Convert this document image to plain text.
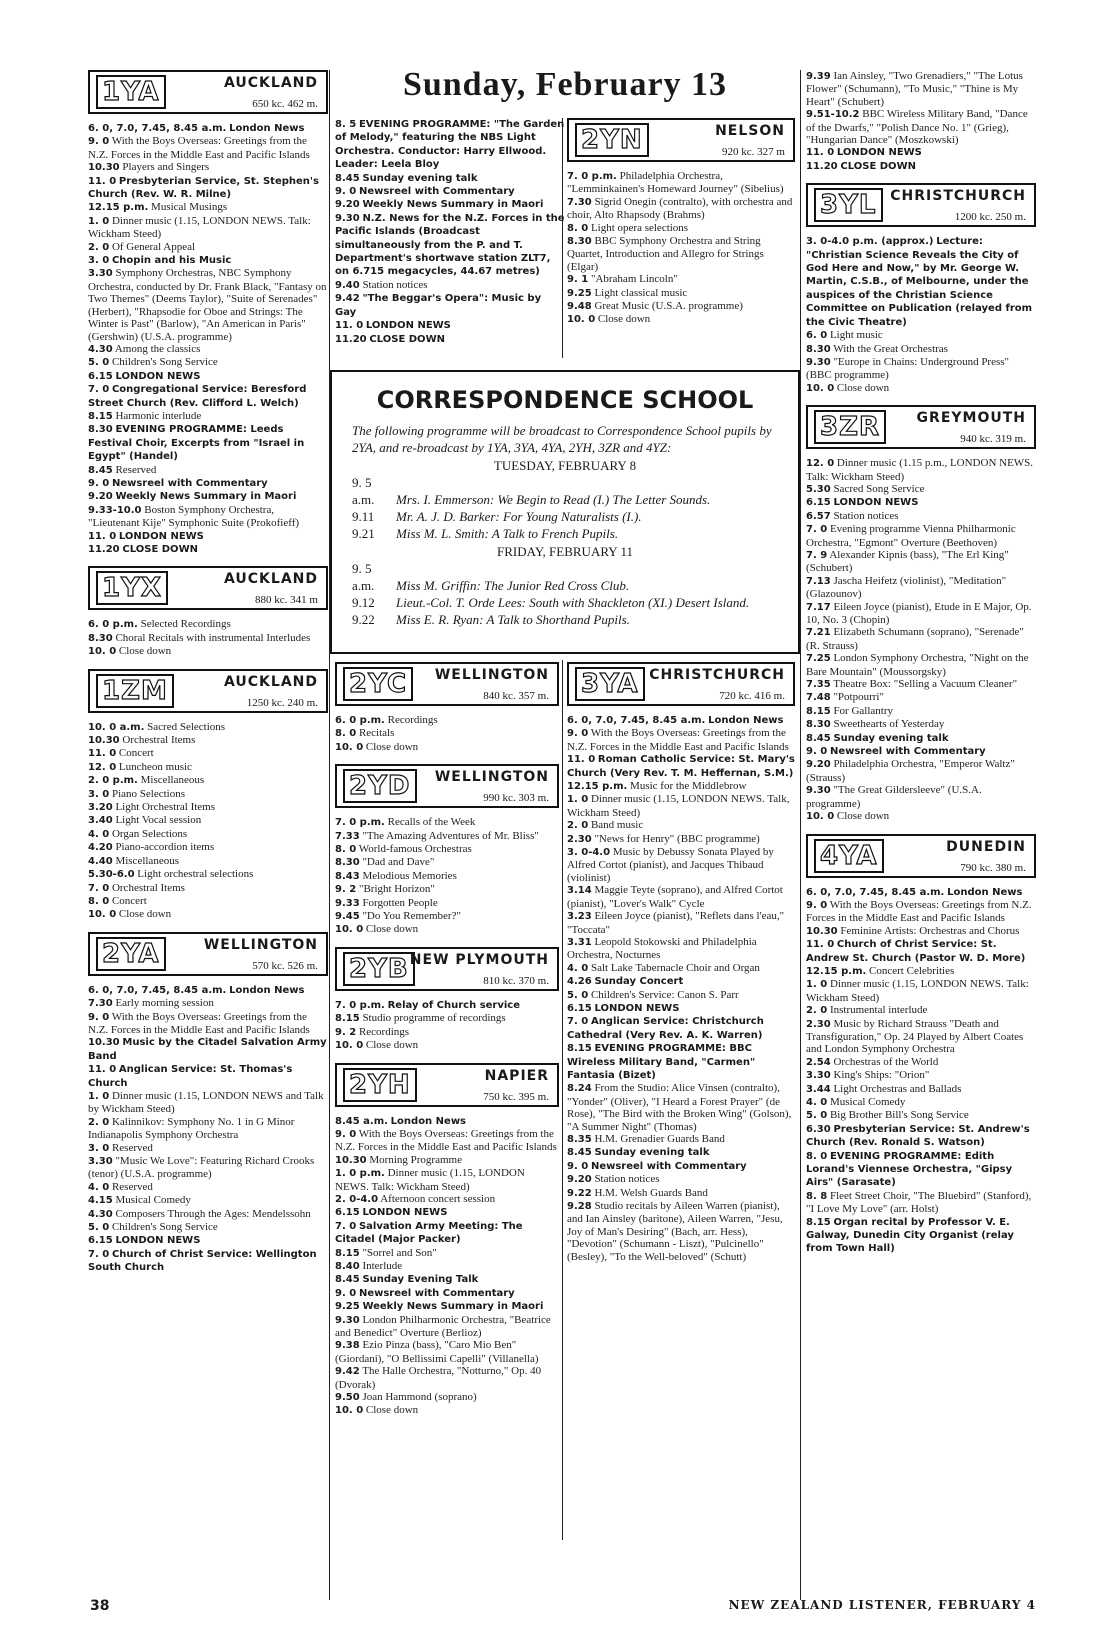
Sunday, February 13
1YA	AUCKLAND
650 kc. 462 m.

6. 0, 7.0, 7.45, 8.45 a.m. London News

9. 0 With the Boys Overseas: Greetings from the N.Z. Forces in the Middle East and Pacific Islands

10.30 Players and Singers

11. 0 Presbyterian Service, St. Stephen's Church (Rev. W. R. Milne)

12.15 p.m. Musical Musings

1. 0 Dinner music (1.15, LONDON NEWS. Talk: Wickham Steed)

2. 0 Of General Appeal

3. 0 Chopin and his Music

3.30 Symphony Orchestras, NBC Symphony Orchestra, conducted by Dr. Frank Black, "Fantasy on Two Themes" (Deems Taylor), "Suite of Serenades" (Herbert), "Rhapsodie for Oboe and Strings: The Winter is Past" (Barlow), "An American in Paris" (Gershwin) (U.S.A. programme)

4.30 Among the classics

5. 0 Children's Song Service

6.15 LONDON NEWS

7. 0 Congregational Service: Beresford Street Church (Rev. Clifford L. Welch)

8.15 Harmonic interlude

8.30 EVENING PROGRAMME: Leeds Festival Choir, Excerpts from "Israel in Egypt" (Handel)

8.45 Reserved

9. 0 Newsreel with Commentary

9.20 Weekly News Summary in Maori

9.33-10.0 Boston Symphony Orchestra, "Lieutenant Kije" Symphonic Suite (Prokofieff)

11. 0 LONDON NEWS

11.20 CLOSE DOWN

1YX	AUCKLAND
880 kc. 341 m

6. 0 p.m. Selected Recordings

8.30 Choral Recitals with instrumental Interludes

10. 0 Close down

1ZM	AUCKLAND
1250 kc. 240 m.

10. 0 a.m. Sacred Selections

10.30 Orchestral Items

11. 0 Concert

12. 0 Luncheon music

2. 0 p.m. Miscellaneous

3. 0 Piano Selections

3.20 Light Orchestral Items

3.40 Light Vocal session

4. 0 Organ Selections

4.20 Piano-accordion items

4.40 Miscellaneous

5.30-6.0 Light orchestral selections

7. 0 Orchestral Items

8. 0 Concert

10. 0 Close down

2YA	WELLINGTON
570 kc. 526 m.

6. 0, 7.0, 7.45, 8.45 a.m. London News

7.30 Early morning session

9. 0 With the Boys Overseas: Greetings from the N.Z. Forces in the Middle East and Pacific Islands

10.30 Music by the Citadel Salvation Army Band

11. 0 Anglican Service: St. Thomas's Church

1. 0 Dinner music (1.15, LONDON NEWS and Talk by Wickham Steed)

2. 0 Kalinnikov: Symphony No. 1 in G Minor Indianapolis Symphony Orchestra

3. 0 Reserved

3.30 "Music We Love": Featuring Richard Crooks (tenor) (U.S.A. programme)

4. 0 Reserved

4.15 Musical Comedy

4.30 Composers Through the Ages: Mendelssohn

5. 0 Children's Song Service

6.15 LONDON NEWS

7. 0 Church of Christ Service: Wellington South Church

8. 5 EVENING PROGRAMME: "The Garden of Melody," featuring the NBS Light Orchestra. Conductor: Harry Ellwood. Leader: Leela Bloy

8.45 Sunday evening talk

9. 0 Newsreel with Commentary

9.20 Weekly News Summary in Maori

9.30 N.Z. News for the N.Z. Forces in the Pacific Islands (Broadcast simultaneously from the P. and T. Department's shortwave station ZLT7, on 6.715 megacycles, 44.67 metres)

9.40 Station notices

9.42 "The Beggar's Opera": Music by Gay

11. 0 LONDON NEWS

11.20 CLOSE DOWN

2YN	NELSON
920 kc. 327 m

7. 0 p.m. Philadelphia Orchestra, "Lemminkainen's Homeward Journey" (Sibelius)

7.30 Sigrid Onegin (contralto), with orchestra and choir, Alto Rhapsody (Brahms)

8. 0 Light opera selections

8.30 BBC Symphony Orchestra and String Quartet, Introduction and Allegro for Strings (Elgar)

9. 1 "Abraham Lincoln"

9.25 Light classical music

9.48 Great Music (U.S.A. programme)

10. 0 Close down

CORRESPONDENCE SCHOOL
The following programme will be broadcast to Correspondence School pupils by 2YA, and re-broadcast by 1YA, 3YA, 4YA, 2YH, 3ZR and 4YZ:
TUESDAY, FEBRUARY 8
9. 5 a.m. Mrs. I. Emmerson: We Begin to Read (I.) The Letter Sounds.
9.11 Mr. A. J. D. Barker: For Young Naturalists (I.).
9.21 Miss M. L. Smith: A Talk to French Pupils.
FRIDAY, FEBRUARY 11
9. 5 a.m. Miss M. Griffin: The Junior Red Cross Club.
9.12 Lieut.-Col. T. Orde Lees: South with Shackleton (XI.) Desert Island.
9.22 Miss E. R. Ryan: A Talk to Shorthand Pupils.
2YC	WELLINGTON
840 kc. 357 m.

6. 0 p.m. Recordings

8. 0 Recitals

10. 0 Close down

2YD	WELLINGTON
990 kc. 303 m.

7. 0 p.m. Recalls of the Week

7.33 "The Amazing Adventures of Mr. Bliss"

8. 0 World-famous Orchestras

8.30 "Dad and Dave"

8.43 Melodious Memories

9. 2 "Bright Horizon"

9.33 Forgotten People

9.45 "Do You Remember?"

10. 0 Close down

2YB NEW PLYMOUTH
810 kc. 370 m.

7. 0 p.m. Relay of Church service

8.15 Studio programme of recordings

9. 2 Recordings

10. 0 Close down

2YH	NAPIER
750 kc. 395 m.

8.45 a.m. London News

9. 0 With the Boys Overseas: Greetings from the N.Z. Forces in the Middle East and Pacific Islands

10.30 Morning Programme

1. 0 p.m. Dinner music (1.15, LONDON NEWS. Talk: Wickham Steed)

2. 0-4.0 Afternoon concert session

6.15 LONDON NEWS

7. 0 Salvation Army Meeting: The Citadel (Major Packer)

8.15 "Sorrel and Son"

8.40 Interlude

8.45 Sunday Evening Talk

9. 0 Newsreel with Commentary

9.25 Weekly News Summary in Maori

9.30 London Philharmonic Orchestra, "Beatrice and Benedict" Overture (Berlioz)

9.38 Ezio Pinza (bass), "Caro Mio Ben" (Giordani), "O Bellissimi Capelli" (Villanella)

9.42 The Halle Orchestra, "Notturno," Op. 40 (Dvorak)

9.50 Joan Hammond (soprano)

10. 0 Close down

3YA CHRISTCHURCH
720 kc. 416 m.

6. 0, 7.0, 7.45, 8.45 a.m. London News

9. 0 With the Boys Overseas: Greetings from the N.Z. Forces in the Middle East and Pacific Islands

11. 0 Roman Catholic Service: St. Mary's Church (Very Rev. T. M. Heffernan, S.M.)

12.15 p.m. Music for the Middlebrow

1. 0 Dinner music (1.15, LONDON NEWS. Talk, Wickham Steed)

2. 0 Band music

2.30 "News for Henry" (BBC programme)

3. 0-4.0 Music by Debussy Sonata Played by Alfred Cortot (pianist), and Jacques Thibaud (violinist)

3.14 Maggie Teyte (soprano), and Alfred Cortot (pianist), "Lover's Walk" Cycle

3.23 Eileen Joyce (pianist), "Reflets dans l'eau," "Toccata"

3.31 Leopold Stokowski and Philadelphia Orchestra, Nocturnes

4. 0 Salt Lake Tabernacle Choir and Organ

4.26 Sunday Concert

5. 0 Children's Service: Canon S. Parr

6.15 LONDON NEWS

7. 0 Anglican Service: Christchurch Cathedral (Very Rev. A. K. Warren)

8.15 EVENING PROGRAMME: BBC Wireless Military Band, "Carmen" Fantasia (Bizet)

8.24 From the Studio: Alice Vinsen (contralto), "Yonder" (Oliver), "I Heard a Forest Prayer" (de Rose), "The Bird with the Broken Wing" (Golson), "A Summer Night" (Thomas)

8.35 H.M. Grenadier Guards Band

8.45 Sunday evening talk

9. 0 Newsreel with Commentary

9.20 Station notices

9.22 H.M. Welsh Guards Band

9.28 Studio recitals by Aileen Warren (pianist), and Ian Ainsley (baritone), Aileen Warren, "Jesu, Joy of Man's Desiring" (Bach, arr. Hess), "Devotion" (Schumann - Liszt), "Pulcinello" (Besley), "To the Well-beloved" (Schutt)

9.39 Ian Ainsley, "Two Grenadiers," "The Lotus Flower" (Schumann), "To Music," "Thine is My Heart" (Schubert)

9.51-10.2 BBC Wireless Military Band, "Dance of the Dwarfs," "Polish Dance No. 1" (Grieg), "Hungarian Dance" (Moszkowski)

11. 0 LONDON NEWS

11.20 CLOSE DOWN

3YL CHRISTCHURCH
1200 kc. 250 m.

3. 0-4.0 p.m. (approx.) Lecture: "Christian Science Reveals the City of God Here and Now," by Mr. George W. Martin, C.S.B., of Melbourne, under the auspices of the Christian Science Committee on Publication (relayed from the Civic Theatre)

6. 0 Light music

8.30 With the Great Orchestras

9.30 "Europe in Chains: Underground Press" (BBC programme)

10. 0 Close down

3ZR	GREYMOUTH
940 kc. 319 m.

12. 0 Dinner music (1.15 p.m., LONDON NEWS. Talk: Wickham Steed)

5.30 Sacred Song Service

6.15 LONDON NEWS

6.57 Station notices

7. 0 Evening programme Vienna Philharmonic Orchestra, "Egmont" Overture (Beethoven)

7. 9 Alexander Kipnis (bass), "The Erl King" (Schubert)

7.13 Jascha Heifetz (violinist), "Meditation" (Glazounov)

7.17 Eileen Joyce (pianist), Etude in E Major, Op. 10, No. 3 (Chopin)

7.21 Elizabeth Schumann (soprano), "Serenade" (R. Strauss)

7.25 London Symphony Orchestra, "Night on the Bare Mountain" (Moussorgsky)

7.35 Theatre Box: "Selling a Vacuum Cleaner"

7.48 "Potpourri"

8.15 For Gallantry

8.30 Sweethearts of Yesterday

8.45 Sunday evening talk

9. 0 Newsreel with Commentary

9.20 Philadelphia Orchestra, "Emperor Waltz" (Strauss)

9.30 "The Great Gildersleeve" (U.S.A. programme)

10. 0 Close down

4YA	DUNEDIN
790 kc. 380 m.

6. 0, 7.0, 7.45, 8.45 a.m. London News

9. 0 With the Boys Overseas: Greetings from N.Z. Forces in the Middle East and Pacific Islands

10.30 Feminine Artists: Orchestras and Chorus

11. 0 Church of Christ Service: St. Andrew St. Church (Pastor W. D. More)

12.15 p.m. Concert Celebrities

1. 0 Dinner music (1.15, LONDON NEWS. Talk: Wickham Steed)

2. 0 Instrumental interlude

2.30 Music by Richard Strauss "Death and Transfiguration," Op. 24 Played by Albert Coates and London Symphony Orchestra

2.54 Orchestras of the World

3.30 King's Ships: "Orion"

3.44 Light Orchestras and Ballads

4. 0 Musical Comedy

5. 0 Big Brother Bill's Song Service

6.30 Presbyterian Service: St. Andrew's Church (Rev. Ronald S. Watson)

8. 0 EVENING PROGRAMME: Edith Lorand's Viennese Orchestra, "Gipsy Airs" (Sarasate)

8. 8 Fleet Street Choir, "The Bluebird" (Stanford), "I Love My Love" (arr. Holst)

8.15 Organ recital by Professor V. E. Galway, Dunedin City Organist (relay from Town Hall)

38	NEW ZEALAND LISTENER, FEBRUARY 4
